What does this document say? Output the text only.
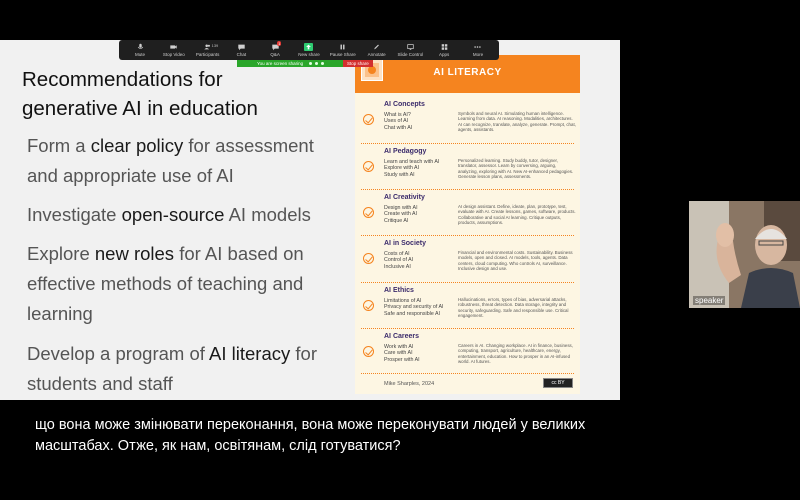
Recommendations for
generative AI in education
Form a clear policy for assessment and appropriate use of AI
Investigate open-source AI models
Explore new roles for AI based on effective methods of teaching and learning
Develop a program of AI literacy for students and staff
AI LITERACY
AI Concepts
What is AI?
Uses of AI
Chat with AI
Symbols and neural AI. Simulating human intelligence. Learning from data. AI reasoning. Modalities, architectures. AI can recognize, translate, analyze, generate. Prompt, chat, agents, assistants.
AI Pedagogy
Learn and teach with AI
Explore with AI
Study with AI
Personalized learning. Study buddy, tutor, designer, translator, assessor. Learn by conversing, arguing, analyzing, exploring with AI. New AI-enhanced pedagogies. Generate lesson plans, assessments.
AI Creativity
Design with AI
Create with AI
Critique AI
AI design assistant. Define, ideate, plan, prototype, test, evaluate with AI. Create lessons, games, software, products. Collaborative and social AI learning. Critique outputs, products, assumptions.
AI in Society
Costs of AI
Control of AI
Inclusive AI
Financial and environmental costs. Sustainability. Business models, open and closed. AI models, tools, agents. Data centers, cloud computing. Who controls AI, surveillance. Inclusive design and use.
AI Ethics
Limitations of AI
Privacy and security of AI
Safe and responsible AI
Hallucinations, errors, types of bias, adversarial attacks, robustness, threat detection. Data storage, integrity and security, safeguarding. Safe and responsible use. Critical engagement.
AI Careers
Work with AI
Care with AI
Prosper with AI
Careers in AI. Changing workplace. AI in finance, business, computing, transport, agriculture, healthcare, energy, entertainment, education. How to prosper in an AI-infused world. AI futures.
Mike Sharples, 2024	cc BY
Mute	Stop Video
139
Participants	Chat
1
Q&A	New share Pause Share	Annotate	Slide Control	Apps	More
You are screen sharing	Stop share
що вона може змінювати переконання, вона може переконувати людей у великих
масштабах. Отже, як нам, освітянам, слід готуватися?
speaker
